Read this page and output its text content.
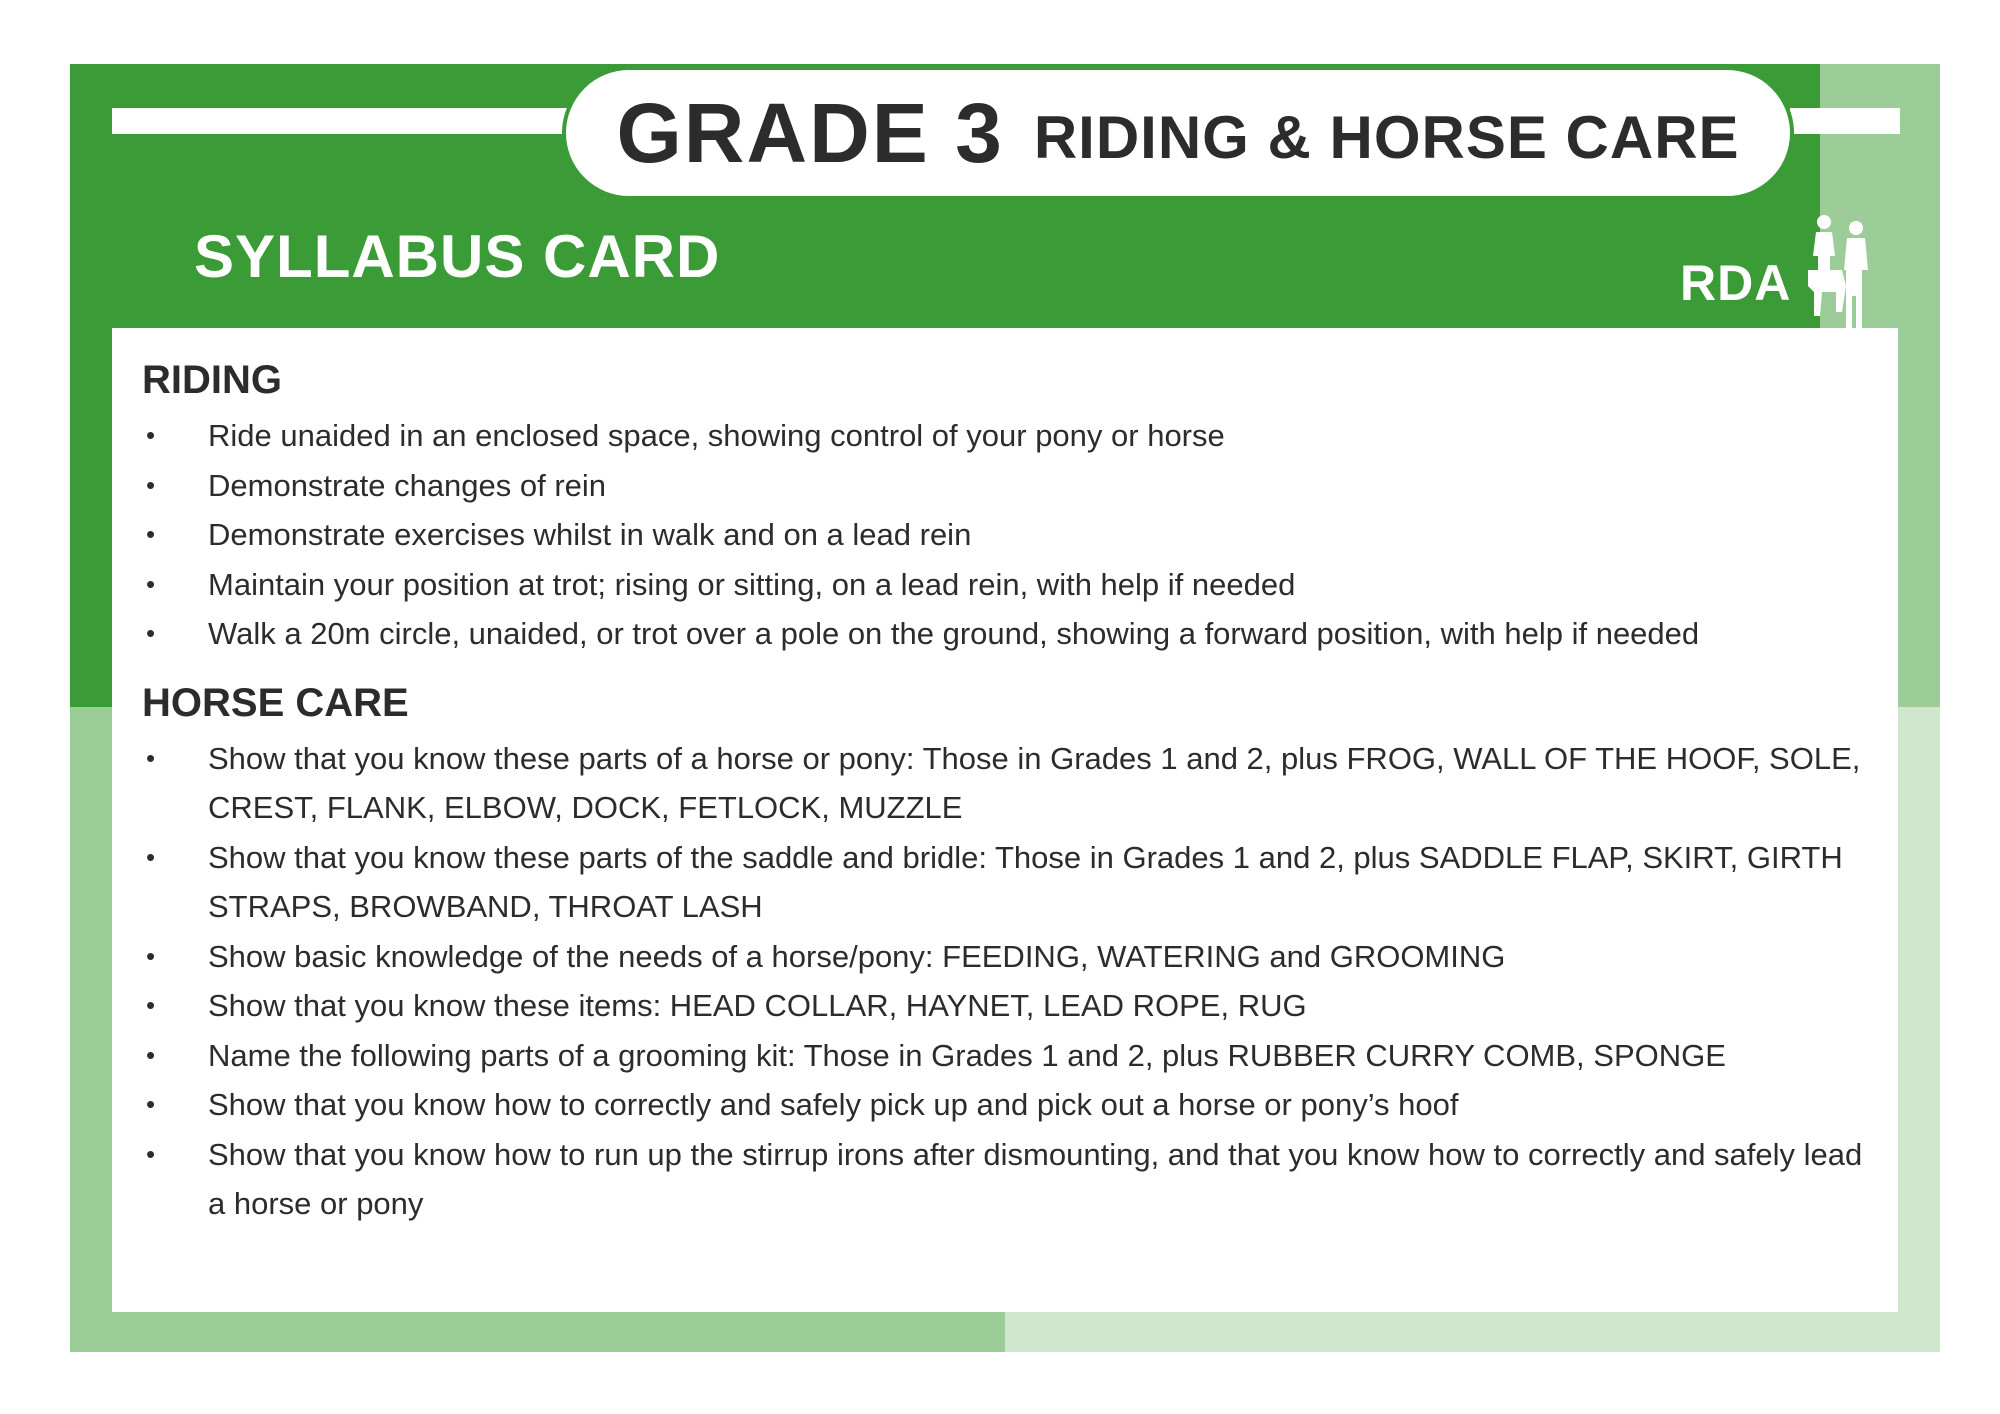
GRADE 3 RIDING & HORSE CARE
SYLLABUS CARD	RDA
RIDING
• Ride unaided in an enclosed space, showing control of your pony or horse
• Demonstrate changes of rein
• Demonstrate exercises whilst in walk and on a lead rein
• Maintain your position at trot; rising or sitting, on a lead rein, with help if needed
• Walk a 20m circle, unaided, or trot over a pole on the ground, showing a forward position, with help if needed
HORSE CARE
• Show that you know these parts of a horse or pony: Those in Grades 1 and 2, plus FROG, WALL OF THE HOOF, SOLE, CREST, FLANK, ELBOW, DOCK, FETLOCK, MUZZLE
• Show that you know these parts of the saddle and bridle: Those in Grades 1 and 2, plus SADDLE FLAP, SKIRT, GIRTH STRAPS, BROWBAND, THROAT LASH
• Show basic knowledge of the needs of a horse/pony: FEEDING, WATERING and GROOMING
• Show that you know these items: HEAD COLLAR, HAYNET, LEAD ROPE, RUG
• Name the following parts of a grooming kit: Those in Grades 1 and 2, plus RUBBER CURRY COMB, SPONGE
• Show that you know how to correctly and safely pick up and pick out a horse or pony’s hoof
• Show that you know how to run up the stirrup irons after dismounting, and that you know how to correctly and safely lead a horse or pony
